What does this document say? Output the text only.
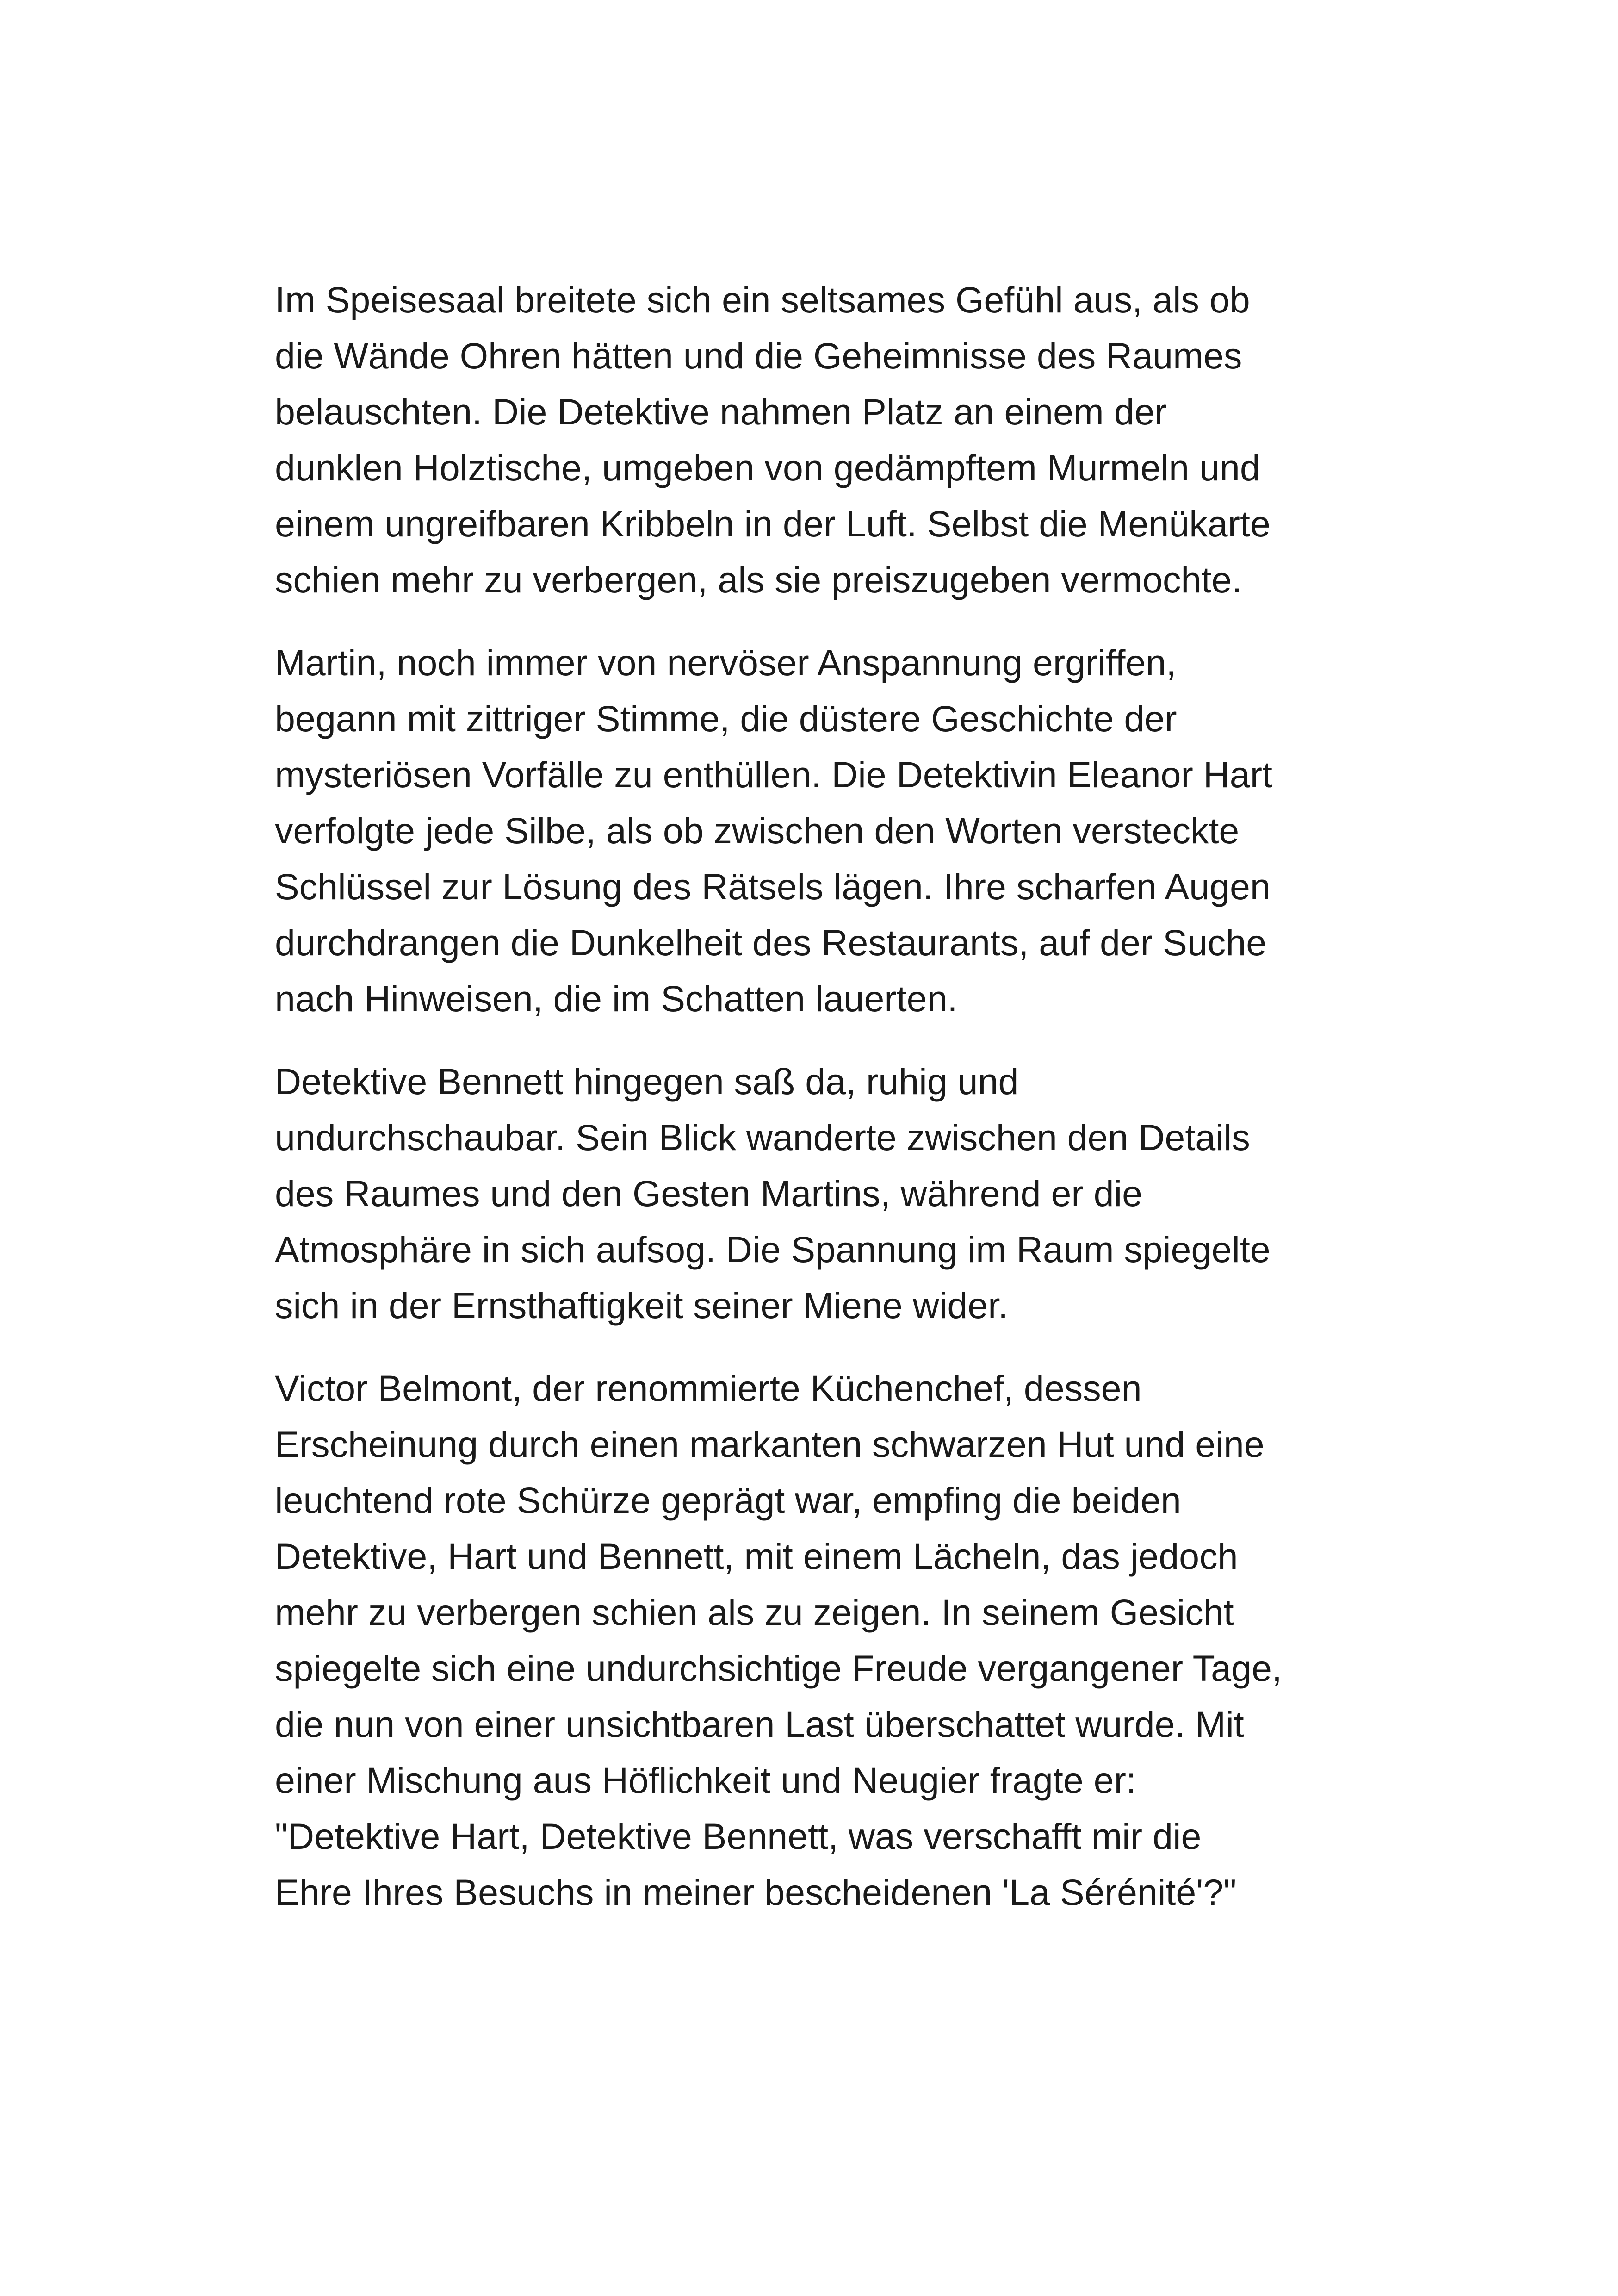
Im Speisesaal breitete sich ein seltsames Gefühl aus, als ob
die Wände Ohren hätten und die Geheimnisse des Raumes
belauschten. Die Detektive nahmen Platz an einem der
dunklen Holztische, umgeben von gedämpftem Murmeln und
einem ungreifbaren Kribbeln in der Luft. Selbst die Menükarte
schien mehr zu verbergen, als sie preiszugeben vermochte.

Martin, noch immer von nervöser Anspannung ergriffen,
begann mit zittriger Stimme, die düstere Geschichte der
mysteriösen Vorfälle zu enthüllen. Die Detektivin Eleanor Hart
verfolgte jede Silbe, als ob zwischen den Worten versteckte
Schlüssel zur Lösung des Rätsels lägen. Ihre scharfen Augen
durchdrangen die Dunkelheit des Restaurants, auf der Suche
nach Hinweisen, die im Schatten lauerten.

Detektive Bennett hingegen saß da, ruhig und
undurchschaubar. Sein Blick wanderte zwischen den Details
des Raumes und den Gesten Martins, während er die
Atmosphäre in sich aufsog. Die Spannung im Raum spiegelte
sich in der Ernsthaftigkeit seiner Miene wider.

Victor Belmont, der renommierte Küchenchef, dessen
Erscheinung durch einen markanten schwarzen Hut und eine
leuchtend rote Schürze geprägt war, empfing die beiden
Detektive, Hart und Bennett, mit einem Lächeln, das jedoch
mehr zu verbergen schien als zu zeigen. In seinem Gesicht
spiegelte sich eine undurchsichtige Freude vergangener Tage,
die nun von einer unsichtbaren Last überschattet wurde. Mit
einer Mischung aus Höflichkeit und Neugier fragte er:
"Detektive Hart, Detektive Bennett, was verschafft mir die
Ehre Ihres Besuchs in meiner bescheidenen 'La Sérénité'?"
